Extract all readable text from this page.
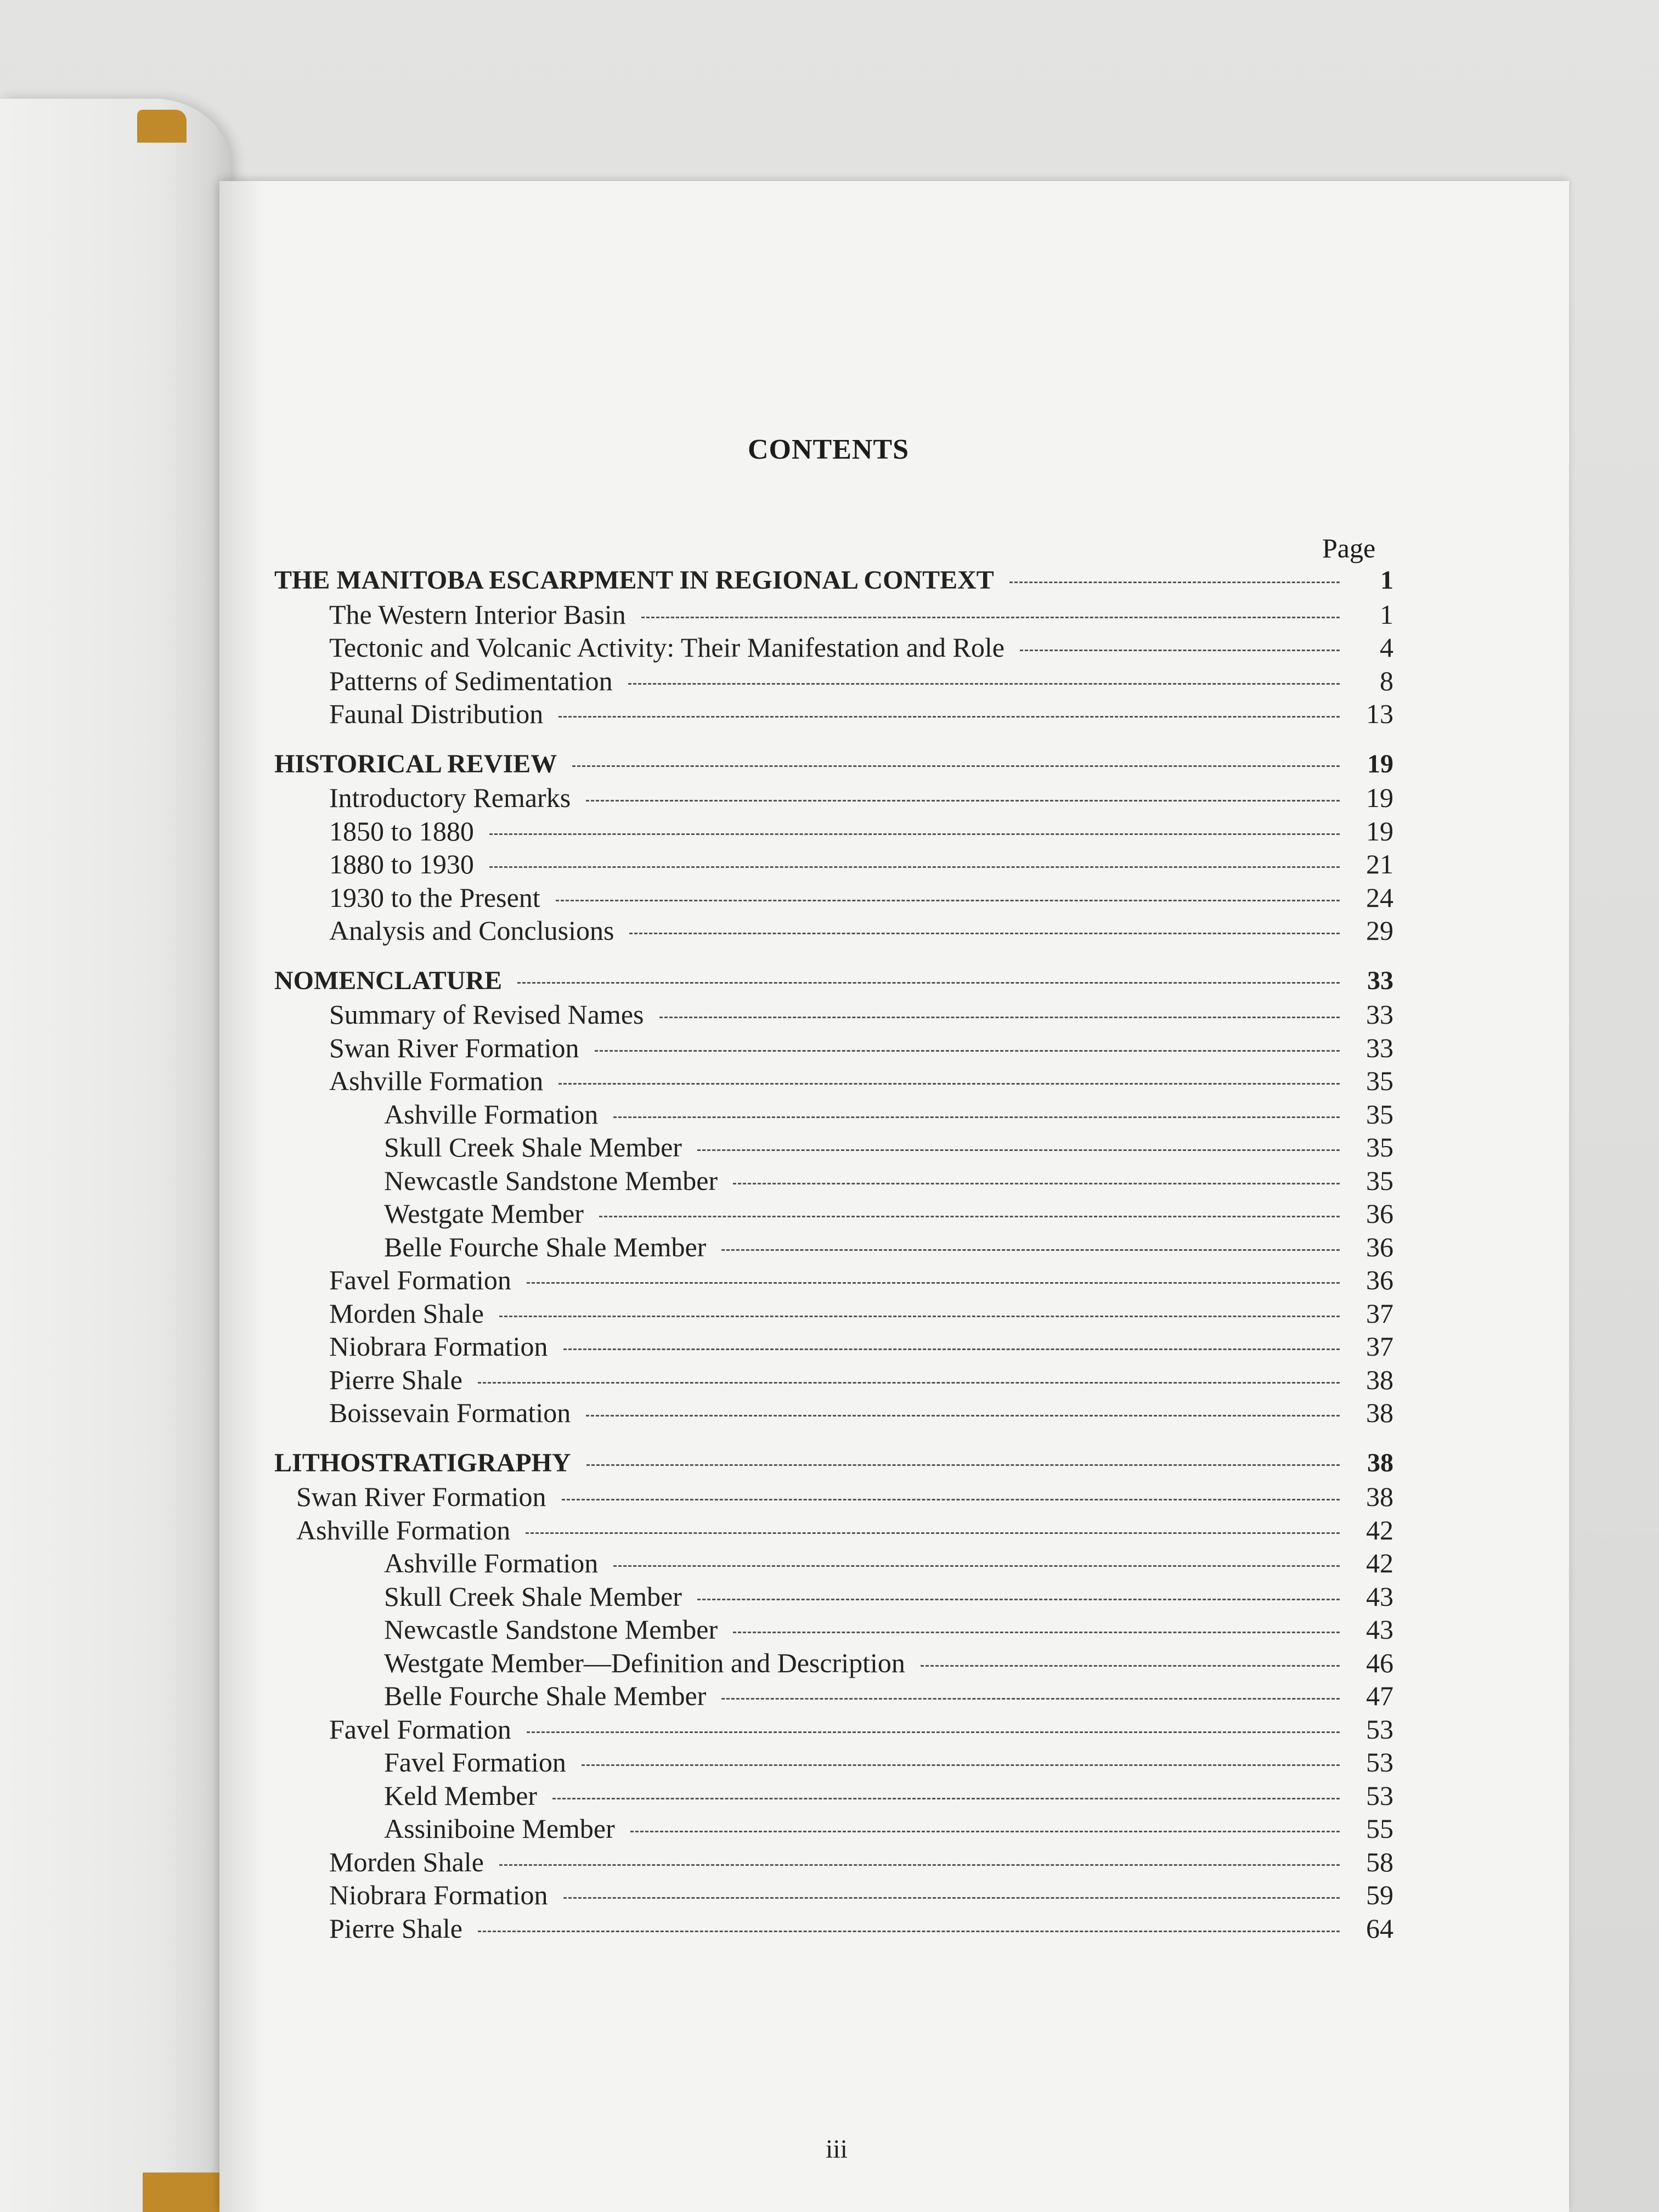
CONTENTS
Page
THE MANITOBA ESCARPMENT IN REGIONAL CONTEXT	1
The Western Interior Basin	1
Tectonic and Volcanic Activity: Their Manifestation and Role	4
Patterns of Sedimentation	8
Faunal Distribution	13
HISTORICAL REVIEW	19
Introductory Remarks	19
1850 to 1880	19
1880 to 1930	21
1930 to the Present	24
Analysis and Conclusions	29
NOMENCLATURE	33
Summary of Revised Names	33
Swan River Formation	33
Ashville Formation	35
Ashville Formation	35
Skull Creek Shale Member	35
Newcastle Sandstone Member	35
Westgate Member	36
Belle Fourche Shale Member	36
Favel Formation	36
Morden Shale	37
Niobrara Formation	37
Pierre Shale	38
Boissevain Formation	38
LITHOSTRATIGRAPHY	38
Swan River Formation	38
Ashville Formation	42
Ashville Formation	42
Skull Creek Shale Member	43
Newcastle Sandstone Member	43
Westgate Member—Definition and Description	46
Belle Fourche Shale Member	47
Favel Formation	53
Favel Formation	53
Keld Member	53
Assiniboine Member	55
Morden Shale	58
Niobrara Formation	59
Pierre Shale	64
iii
